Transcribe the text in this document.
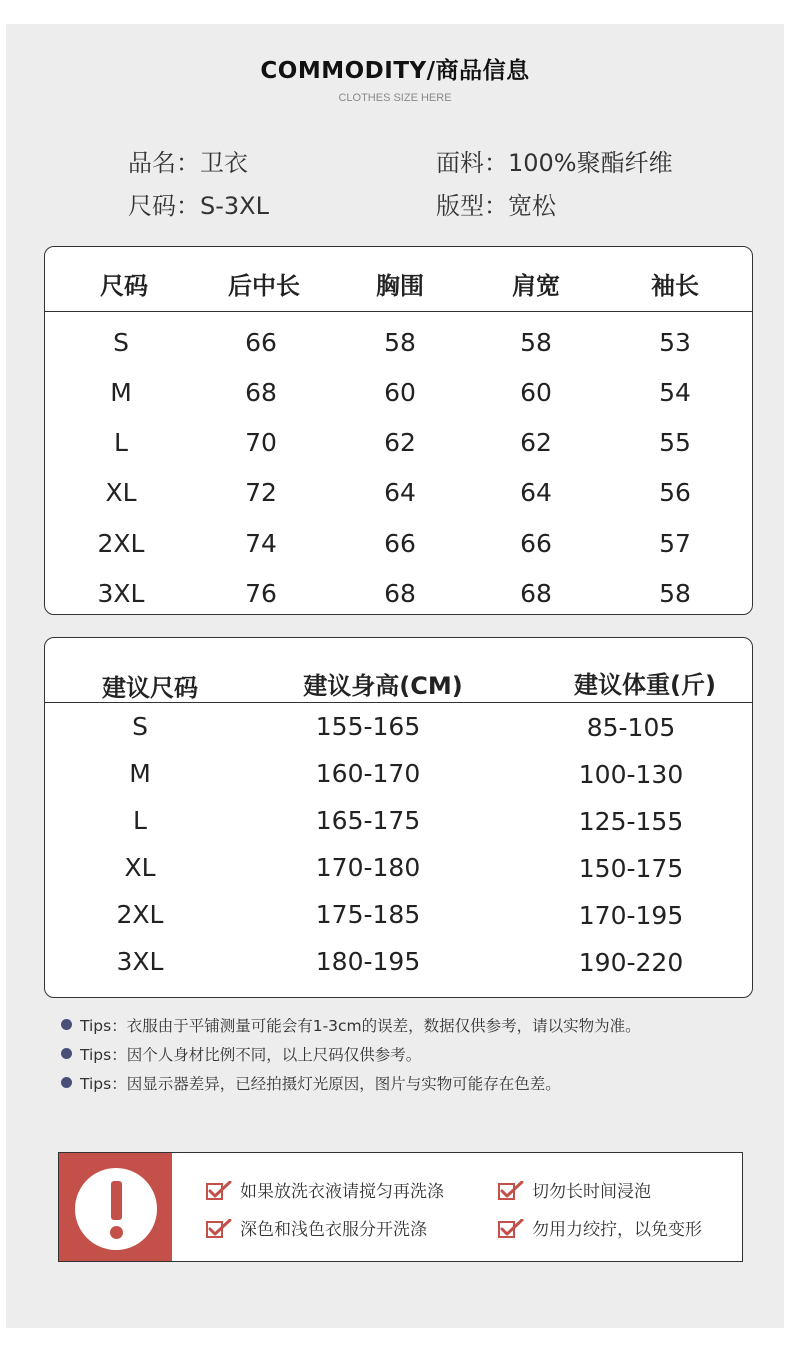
COMMODITY/商品信息
CLOTHES SIZE HERE
品名：卫衣	面料：100%聚酯纤维
尺码：S-3XL	版型：宽松
尺码	后中长	胸围	肩宽	袖长
S	66	58	58	53
M	68	60	60	54
L	70	62	62	55
XL	72	64	64	56
2XL	74	66	66	57
3XL	76	68	68	58
建议尺码	建议身高(CM)	建议体重(斤)
S	155-165	85-105
M	160-170	100-130
L	165-175	125-155
XL	170-180	150-175
2XL	175-185	170-195
3XL	180-195	190-220
Tips：衣服由于平铺测量可能会有1-3cm的误差，数据仅供参考，请以实物为准。
Tips：因个人身材比例不同，以上尺码仅供参考。
Tips：因显示器差异，已经拍摄灯光原因，图片与实物可能存在色差。
如果放洗衣液请搅匀再洗涤	切勿长时间浸泡
深色和浅色衣服分开洗涤	勿用力绞拧，以免变形
